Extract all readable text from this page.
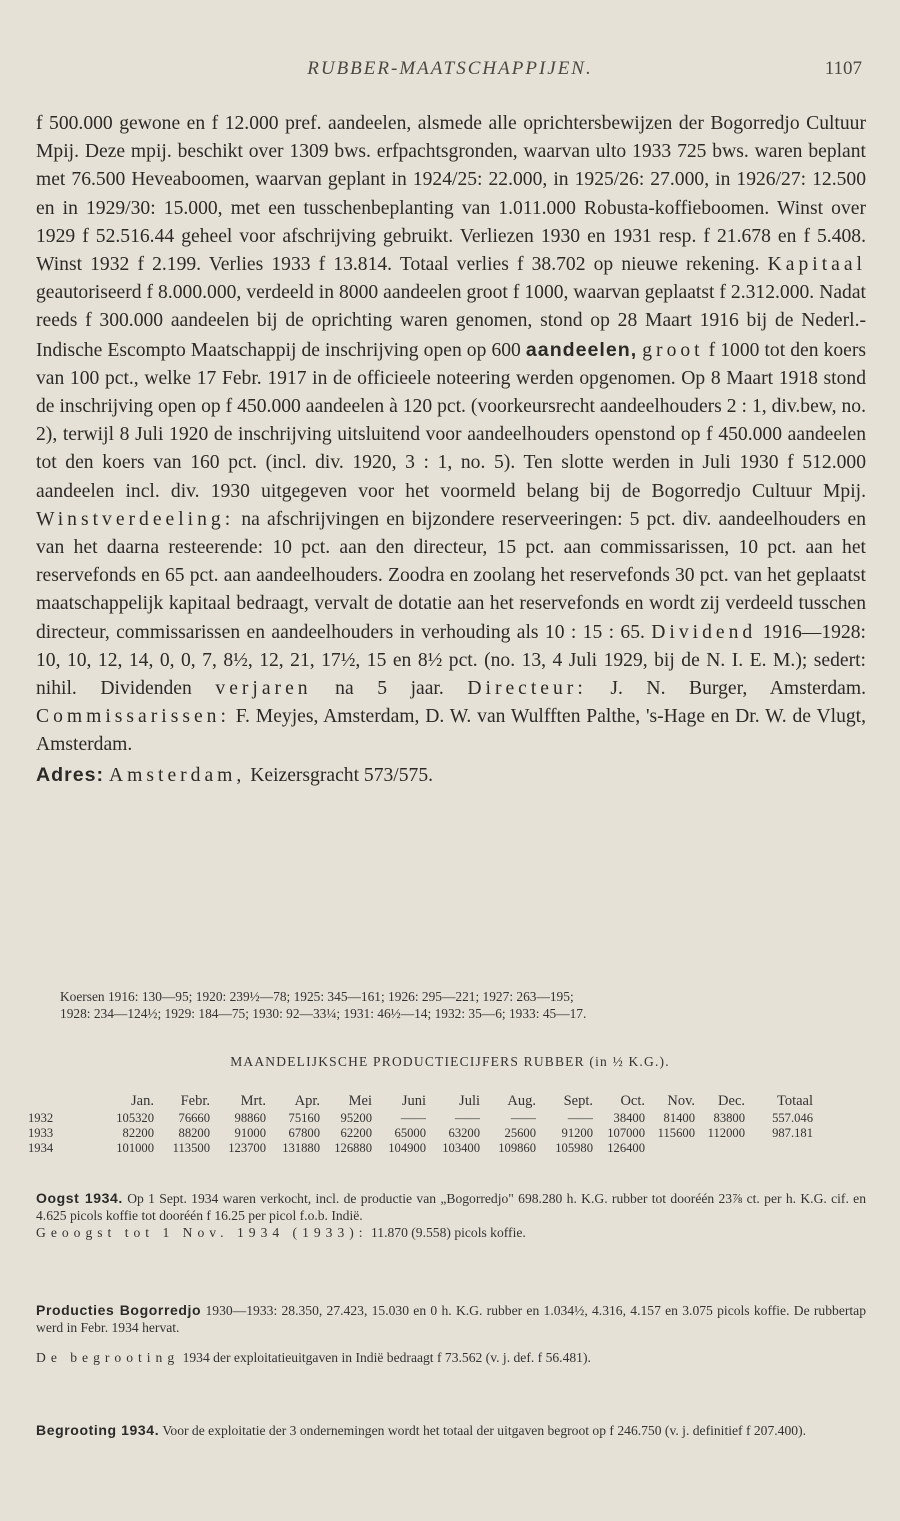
RUBBER-MAATSCHAPPIJEN.	1107

f 500.000 gewone en f 12.000 pref. aandeelen, alsmede alle oprichtersbewijzen der Bogorredjo Cultuur Mpij. Deze mpij. beschikt over 1309 bws. erfpachtsgronden, waarvan ulto 1933 725 bws. waren beplant met 76.500 Heveaboomen, waarvan geplant in 1924/25: 22.000, in 1925/26: 27.000, in 1926/27: 12.500 en in 1929/30: 15.000, met een tusschenbeplanting van 1.011.000 Robusta-koffieboomen. Winst over 1929 f 52.516.44 geheel voor afschrijving gebruikt. Verliezen 1930 en 1931 resp. f 21.678 en f 5.408. Winst 1932 f 2.199. Verlies 1933 f 13.814. Totaal verlies f 38.702 op nieuwe rekening. Kapitaal geautoriseerd f 8.000.000, verdeeld in 8000 aandeelen groot f 1000, waarvan geplaatst f 2.312.000. Nadat reeds f 300.000 aandeelen bij de oprichting waren genomen, stond op 28 Maart 1916 bij de Nederl.-Indische Escompto Maatschappij de inschrijving open op 600 aandeelen, groot f 1000 tot den koers van 100 pct., welke 17 Febr. 1917 in de officieele noteering werden opgenomen. Op 8 Maart 1918 stond de inschrijving open op f 450.000 aandeelen à 120 pct. (voorkeursrecht aandeelhouders 2 : 1, div.bew, no. 2), terwijl 8 Juli 1920 de inschrijving uitsluitend voor aandeelhouders openstond op f 450.000 aandeelen tot den koers van 160 pct. (incl. div. 1920, 3 : 1, no. 5). Ten slotte werden in Juli 1930 f 512.000 aandeelen incl. div. 1930 uitgegeven voor het voormeld belang bij de Bogorredjo Cultuur Mpij. Winstverdeeling: na afschrijvingen en bijzondere reserveeringen: 5 pct. div. aandeelhouders en van het daarna resteerende: 10 pct. aan den directeur, 15 pct. aan commissarissen, 10 pct. aan het reservefonds en 65 pct. aan aandeelhouders. Zoodra en zoolang het reservefonds 30 pct. van het geplaatst maatschappelijk kapitaal bedraagt, vervalt de dotatie aan het reservefonds en wordt zij verdeeld tusschen directeur, commissarissen en aandeelhouders in verhouding als 10 : 15 : 65. Dividend 1916—1928: 10, 10, 12, 14, 0, 0, 7, 8½, 12, 21, 17½, 15 en 8½ pct. (no. 13, 4 Juli 1929, bij de N. I. E. M.); sedert: nihil. Dividenden verjaren na 5 jaar. Directeur: J. N. Burger, Amsterdam. Commissarissen: F. Meyjes, Amsterdam, D. W. van Wulfften Palthe, 's-Hage en Dr. W. de Vlugt, Amsterdam.

Adres: Amsterdam, Keizersgracht 573/575.

Koersen 1916: 130—95; 1920: 239½—78; 1925: 345—161; 1926: 295—221; 1927: 263—195;
1928: 234—124½; 1929: 184—75; 1930: 92—33¼; 1931: 46½—14; 1932: 35—6; 1933: 45—17.
MAANDELIJKSCHE PRODUCTIECIJFERS RUBBER (in ½ K.G.).
	Jan.	Febr.	Mrt.	Apr.	Mei	Juni	Juli	Aug.	Sept.	Oct.	Nov.	Dec.	Totaal
1932	105320	76660	98860	75160	95200	——	——	——	——	38400	81400	83800	557.046
1933	82200	88200	91000	67800	62200	65000	63200	25600	91200	107000	115600	112000	987.181
1934	101000	113500	123700	131880	126880	104900	103400	109860	105980	126400			

Oogst 1934. Op 1 Sept. 1934 waren verkocht, incl. de productie van „Bogorredjo" 698.280 h. K.G. rubber tot dooréén 23⅞ ct. per h. K.G. cif. en 4.625 picols koffie tot dooréén f 16.25 per picol f.o.b. Indië.

Geoogst tot 1 Nov. 1934 (1933): 11.870 (9.558) picols koffie.

Producties Bogorredjo 1930—1933: 28.350, 27.423, 15.030 en 0 h. K.G. rubber en 1.034½, 4.316, 4.157 en 3.075 picols koffie. De rubbertap werd in Febr. 1934 hervat.

De begrooting 1934 der exploitatieuitgaven in Indië bedraagt f 73.562 (v. j. def. f 56.481).

Begrooting 1934. Voor de exploitatie der 3 ondernemingen wordt het totaal der uitgaven begroot op f 246.750 (v. j. definitief f 207.400).
